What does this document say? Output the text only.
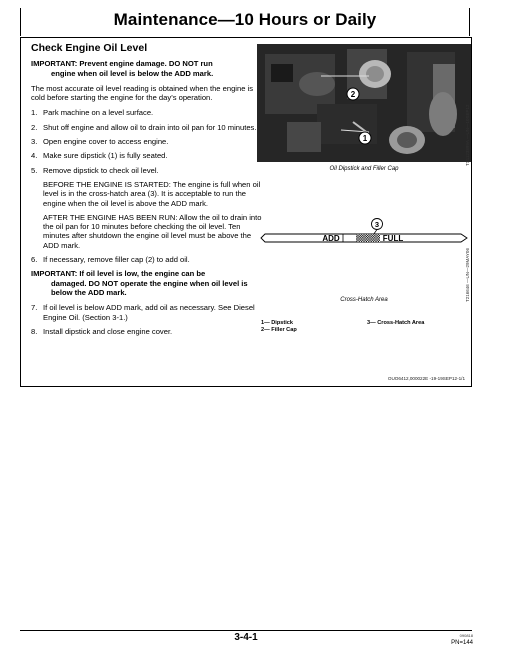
Maintenance—10 Hours or Daily
Check Engine Oil Level
IMPORTANT: Prevent engine damage. DO NOT run
engine when oil level is below the ADD mark.
The most accurate oil level reading is obtained when the engine is cold before starting the engine for the day’s operation.
1. Park machine on a level surface.
2. Shut off engine and allow oil to drain into oil pan for 10 minutes.
3. Open engine cover to access engine.
4. Make sure dipstick (1) is fully seated.
5. Remove dipstick to check oil level.
BEFORE THE ENGINE IS STARTED: The engine is full when oil level is in the cross-hatch area (3). It is acceptable to run the engine when the oil level is above the ADD mark.
AFTER THE ENGINE HAS BEEN RUN: Allow the oil to drain into the oil pan for 10 minutes before checking the oil level. Ten minutes after shutdown the engine oil level must be above the ADD mark.
6. If necessary, remove filler cap (2) to add oil.
IMPORTANT: If oil level is low, the engine can be
damaged. DO NOT operate the engine when oil level is below the ADD mark.
7. If oil level is below ADD mark, add oil as necessary. See Diesel Engine Oil. (Section 3-1.)
8. Install dipstick and close engine cover.
2
1
Oil Dipstick and Filler Cap
TX1123899A —UN—10SEP12
3
ADD	FULL
T216646 —UN—29MAY06
Cross-Hatch Area
1— Dipstick
2— Filler Cap
3— Cross-Hatch Area
OUO6412,000022E -19-19SEP12-1/1
3-4-1	090818
PN=144
